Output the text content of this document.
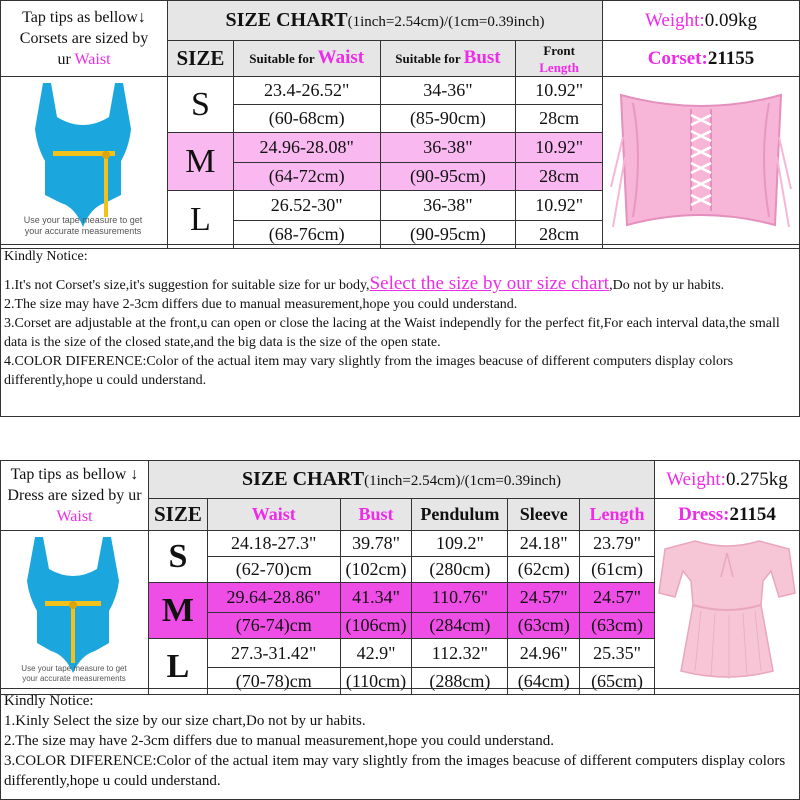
Tap tips as bellow↓
Corsets are sized by
ur Waist	SIZE CHART(1inch=2.54cm)/(1cm=0.39inch)				Weight:0.09kg
	SIZE	Suitable for Waist	Suitable for Bust	Front
Length	Corset:21155

Use your tape measure to get
your accurate measurements	S	23.4-26.52"	34-36"	10.92"	
		(60-68cm)	(85-90cm)	28cm	
	M	24.96-28.08"	36-38"	10.92"	
		(64-72cm)	(90-95cm)	28cm	
	L	26.52-30"	36-38"	10.92"	
		(68-76cm)	(90-95cm)	28cm	

Kindly Notice:

1.It's not Corset's size,it's suggestion for suitable size for ur body,Select the size by our size chart,Do not by ur habits.

2.The size may have 2-3cm differs due to manual measurement,hope you could understand.

3.Corset are adjustable at the front,u can open or close the lacing at the Waist independly for the perfect fit,For each interval data,the small data is the size of the closed state,and the big data is the size of the open state.

4.COLOR DIFERENCE:Color of the actual item may vary slightly from the images beacuse of different computers display colors differently,hope u could understand.

Tap tips as bellow ↓
Dress are sized by ur
Waist	SIZE CHART(1inch=2.54cm)/(1cm=0.39inch)						Weight:0.275kg
	SIZE	Waist	Bust	Pendulum	Sleeve	Length	Dress:21154

Use your tape measure to get
your accurate measurements	S	24.18-27.3"	39.78"	109.2"	24.18"	23.79"	
		(62-70)cm	(102cm)	(280cm)	(62cm)	(61cm)	
	M	29.64-28.86"	41.34"	110.76"	24.57"	24.57"	
		(76-74)cm	(106cm)	(284cm)	(63cm)	(63cm)	
	L	27.3-31.42"	42.9"	112.32"	24.96"	25.35"	
		(70-78)cm	(110cm)	(288cm)	(64cm)	(65cm)	

Kindly Notice:

1.Kinly Select the size by our size chart,Do not by ur habits.

2.The size may have 2-3cm differs due to manual measurement,hope you could understand.

3.COLOR DIFERENCE:Color of the actual item may vary slightly from the images beacuse of different computers display colors differently,hope u could understand.
